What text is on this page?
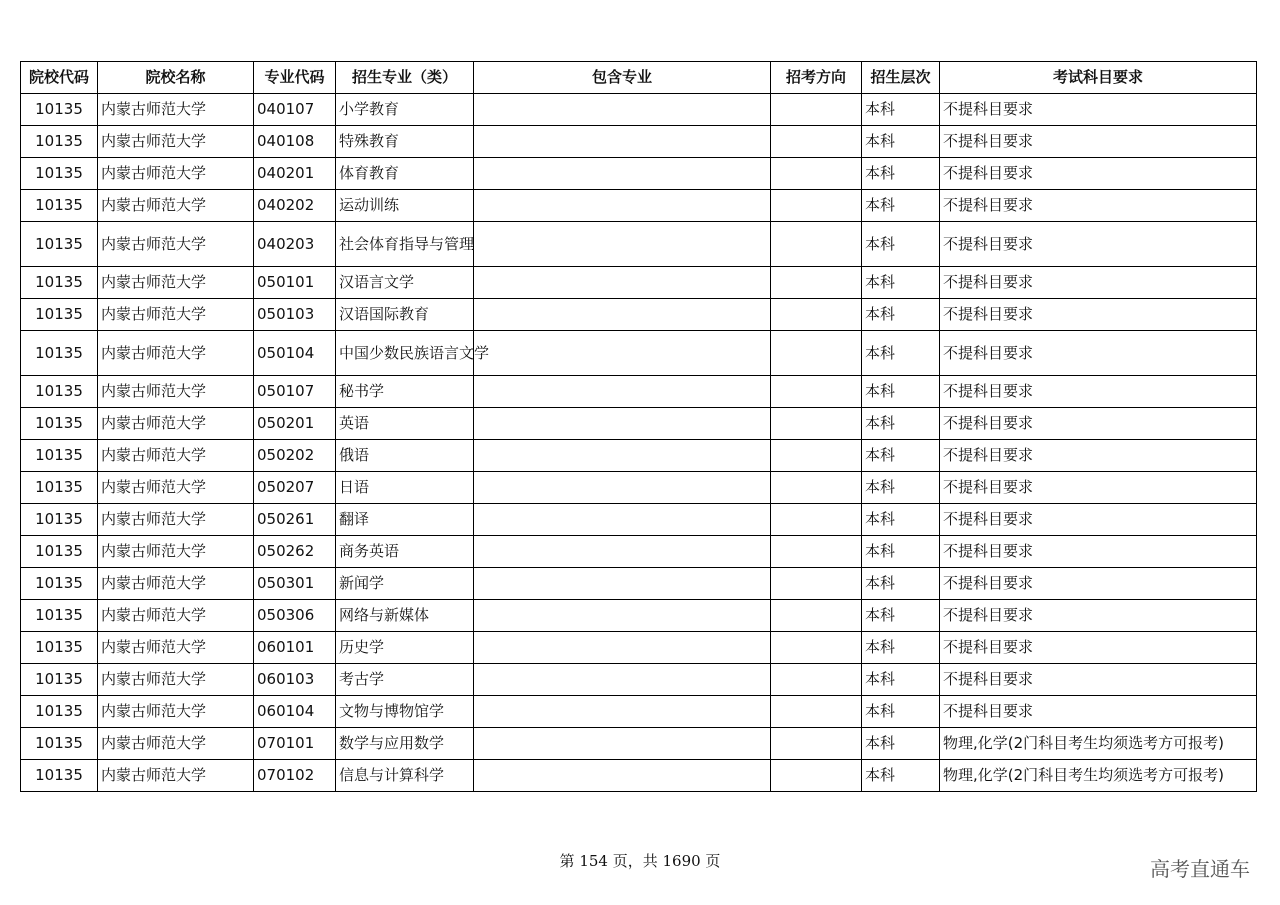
院校代码	院校名称	专业代码	招生专业（类）	包含专业	招考方向	招生层次	考试科目要求
10135	内蒙古师范大学	040107	小学教育			本科	不提科目要求
10135	内蒙古师范大学	040108	特殊教育			本科	不提科目要求
10135	内蒙古师范大学	040201	体育教育			本科	不提科目要求
10135	内蒙古师范大学	040202	运动训练			本科	不提科目要求
10135	内蒙古师范大学	040203	社会体育指导与管理			本科	不提科目要求
10135	内蒙古师范大学	050101	汉语言文学			本科	不提科目要求
10135	内蒙古师范大学	050103	汉语国际教育			本科	不提科目要求
10135	内蒙古师范大学	050104	中国少数民族语言文学			本科	不提科目要求
10135	内蒙古师范大学	050107	秘书学			本科	不提科目要求
10135	内蒙古师范大学	050201	英语			本科	不提科目要求
10135	内蒙古师范大学	050202	俄语			本科	不提科目要求
10135	内蒙古师范大学	050207	日语			本科	不提科目要求
10135	内蒙古师范大学	050261	翻译			本科	不提科目要求
10135	内蒙古师范大学	050262	商务英语			本科	不提科目要求
10135	内蒙古师范大学	050301	新闻学			本科	不提科目要求
10135	内蒙古师范大学	050306	网络与新媒体			本科	不提科目要求
10135	内蒙古师范大学	060101	历史学			本科	不提科目要求
10135	内蒙古师范大学	060103	考古学			本科	不提科目要求
10135	内蒙古师范大学	060104	文物与博物馆学			本科	不提科目要求
10135	内蒙古师范大学	070101	数学与应用数学			本科	物理,化学(2门科目考生均须选考方可报考)
10135	内蒙古师范大学	070102	信息与计算科学			本科	物理,化学(2门科目考生均须选考方可报考)
第 154 页，共 1690 页	高考直通车
